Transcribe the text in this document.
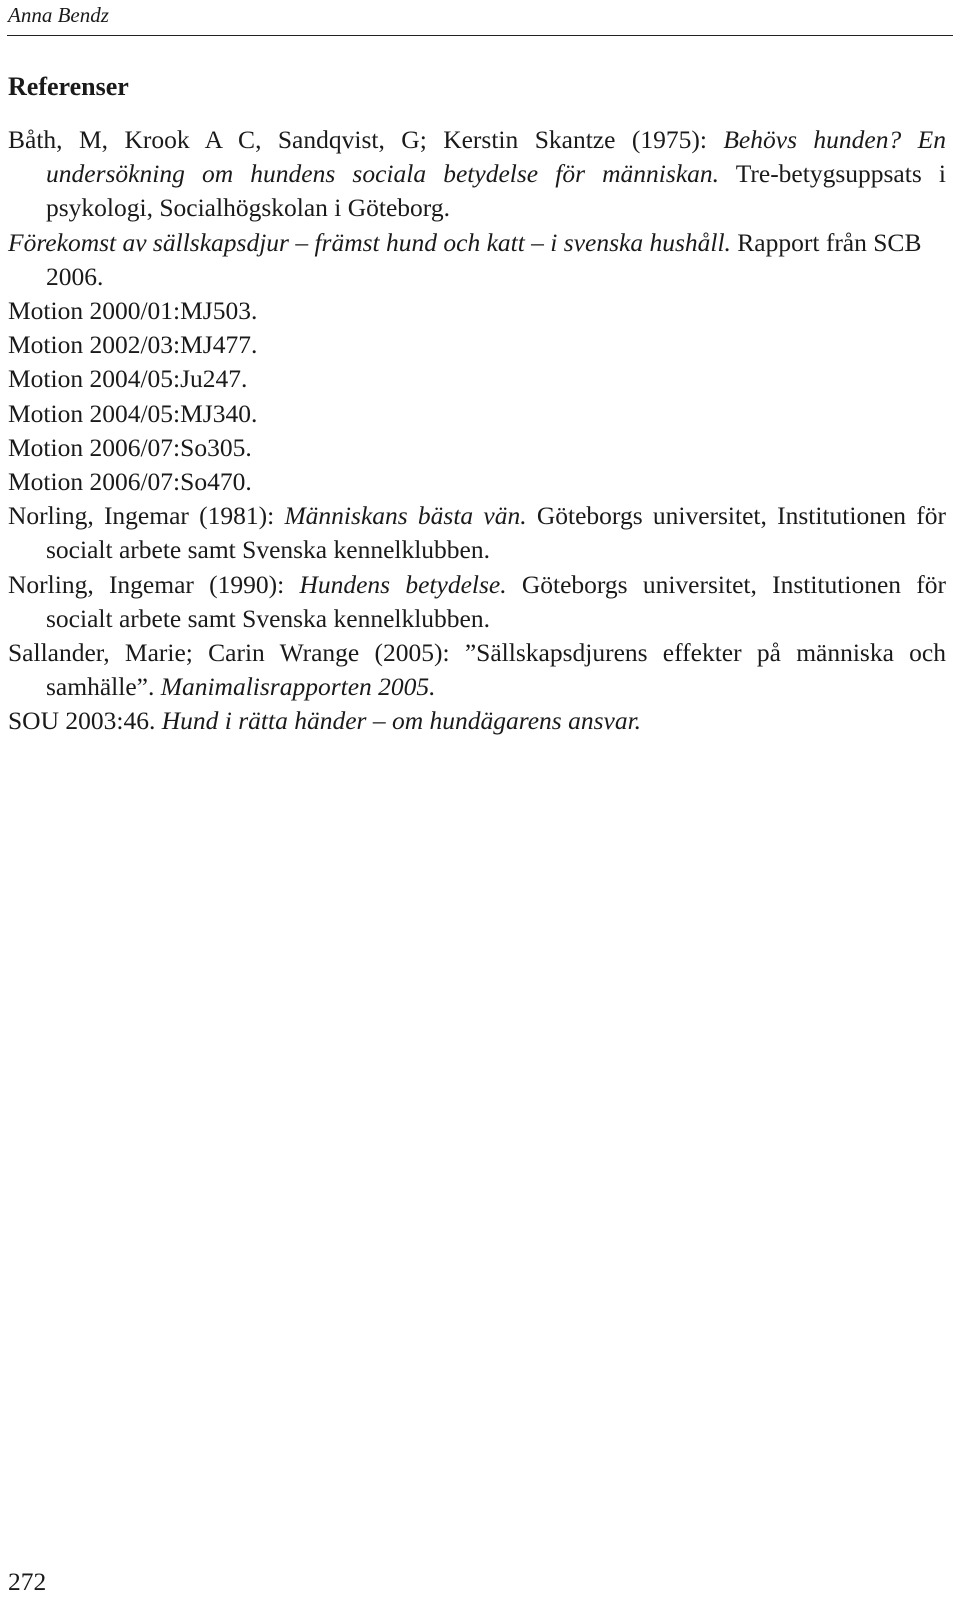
Anna Bendz
Referenser
Båth, M, Krook A C, Sandqvist, G; Kerstin Skantze (1975): Behövs hunden? En undersökning om hundens sociala betydelse för människan. Tre-betygsuppsats i psykologi, Socialhögskolan i Göteborg.
Förekomst av sällskapsdjur – främst hund och katt – i svenska hushåll. Rapport från SCB 2006.
Motion 2000/01:MJ503.
Motion 2002/03:MJ477.
Motion 2004/05:Ju247.
Motion 2004/05:MJ340.
Motion 2006/07:So305.
Motion 2006/07:So470.
Norling, Ingemar (1981): Människans bästa vän. Göteborgs universitet, Institutionen för socialt arbete samt Svenska kennelklubben.
Norling, Ingemar (1990): Hundens betydelse. Göteborgs universitet, Institutionen för socialt arbete samt Svenska kennelklubben.
Sallander, Marie; Carin Wrange (2005): ”Sällskapsdjurens effekter på människa och samhälle”. Manimalisrapporten 2005.
SOU 2003:46. Hund i rätta händer – om hundägarens ansvar.
272
